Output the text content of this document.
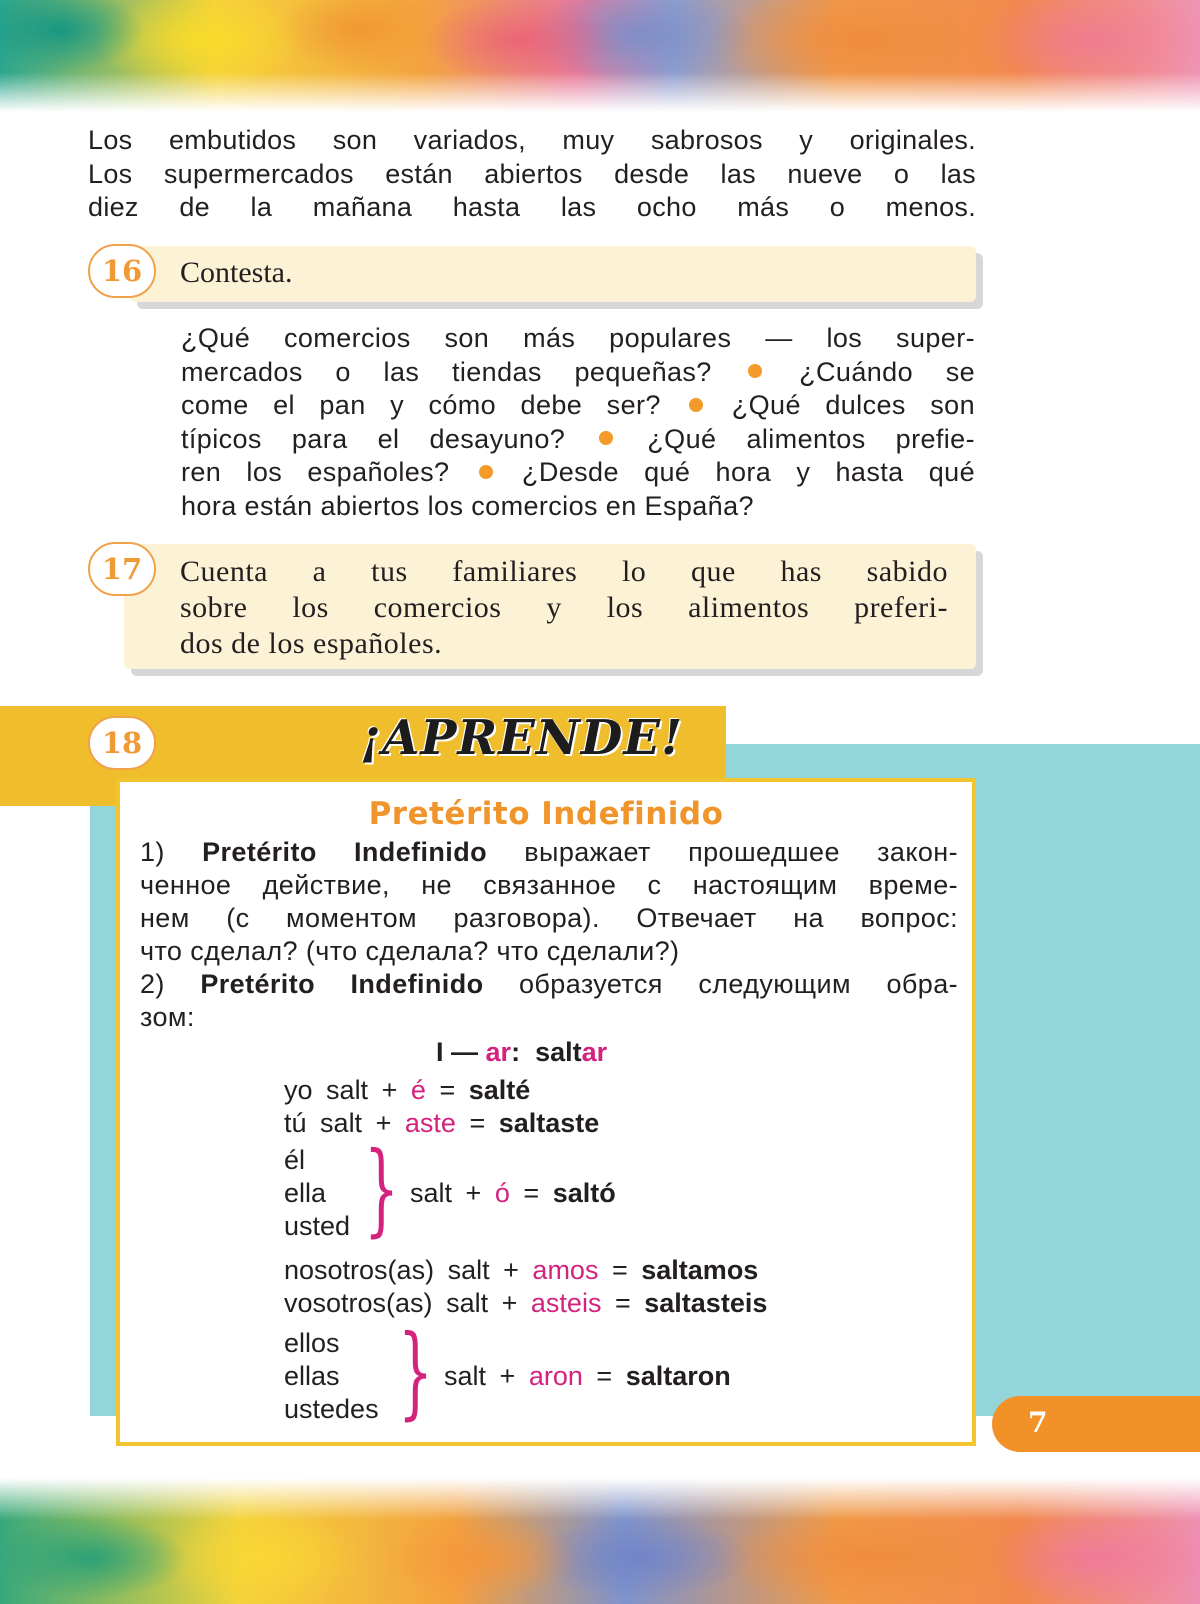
Los embutidos son variados, muy sabrosos y originales.
Los supermercados están abiertos desde las nueve o las
diez de la mañana hasta las ocho más o menos.
16	Contesta.
¿Qué comercios son más populares — los super-
mercados o las tiendas pequeñas?	¿Cuándo se
come el pan y cómo debe ser?	¿Qué dulces son
típicos para el desayuno?	¿Qué alimentos prefie-
ren los españoles?	¿Desde qué hora y hasta qué
hora están abiertos los comercios en España?
17	Cuenta a tus familiares lo que has sabido
sobre los comercios y los alimentos preferi-
dos de los españoles.
18	¡APRENDE!
Pretérito Indefinido
1) Pretérito Indefinido выражает прошедшее закон-
ченное действие, не связанное с настоящим време-
нем (с моментом разговора). Отвечает на вопрос:
что сделал? (что сделала? что сделали?)
2) Pretérito Indefinido образуется следующим обра-
зом:
I — ar: saltar
yo salt + é = salté
tú salt + aste = saltaste
él
ella
usted } salt + ó = saltó
nosotros(as) salt + amos = saltamos
vosotros(as) salt + asteis = saltasteis
ellos
ellas
ustedes } salt + aron = saltaron
7
